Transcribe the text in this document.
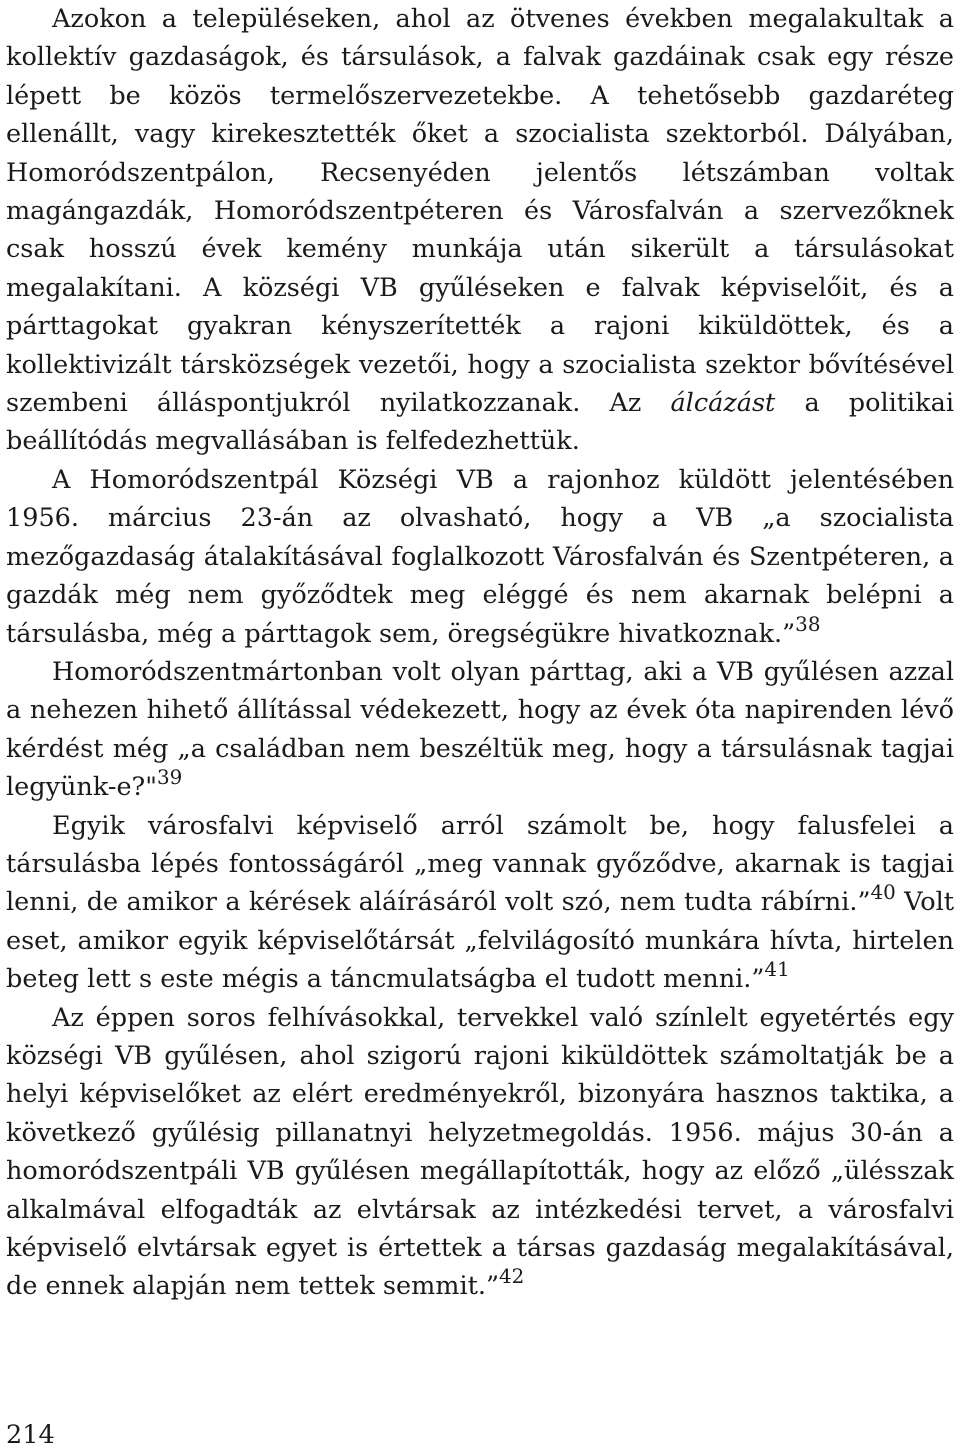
Azokon a településeken, ahol az ötvenes években megalakultak a kollektív gazdaságok, és társulások, a falvak gazdáinak csak egy része lépett be közös termelőszervezetekbe. A tehetősebb gazdaréteg ellenállt, vagy kirekesztették őket a szocialista szektorból. Dályában, Homoródszentpálon, Recsenyéden jelentős létszámban voltak magángazdák, Homoródszentpéteren és Városfalván a szervezőknek csak hosszú évek kemény munkája után sikerült a társulásokat megalakítani. A községi VB gyűléseken e falvak képviselőit, és a párttagokat gyakran kényszerítették a rajoni kiküldöttek, és a kollektivizált társközségek vezetői, hogy a szocialista szektor bővítésével szembeni álláspontjukról nyilatkozzanak. Az álcázást a politikai beállítódás megvallásában is felfedezhettük.

A Homoródszentpál Községi VB a rajonhoz küldött jelentésében 1956. március 23-án az olvasható, hogy a VB „a szocialista mezőgazdaság átalakításával foglalkozott Városfalván és Szentpéteren, a gazdák még nem győződtek meg eléggé és nem akarnak belépni a társulásba, még a párttagok sem, öregségükre hivatkoznak.”$^{38}$

Homoródszentmártonban volt olyan párttag, aki a VB gyűlésen azzal a nehezen hihető állítással védekezett, hogy az évek óta napirenden lévő kérdést még „a családban nem beszéltük meg, hogy a társulásnak tagjai legyünk-e?"$^{39}$

Egyik városfalvi képviselő arról számolt be, hogy falusfelei a társulásba lépés fontosságáról „meg vannak győződve, akarnak is tagjai lenni, de amikor a kérések aláírásáról volt szó, nem tudta rábírni.”$^{40}$ Volt eset, amikor egyik képviselőtársát „felvilágosító munkára hívta, hirtelen beteg lett s este mégis a táncmulatságba el tudott menni.”$^{41}$

Az éppen soros felhívásokkal, tervekkel való színlelt egyetértés egy községi VB gyűlésen, ahol szigorú rajoni kiküldöttek számoltatják be a helyi képviselőket az elért eredményekről, bizonyára hasznos taktika, a következő gyűlésig pillanatnyi helyzetmegoldás. 1956. május 30-án a homoródszentpáli VB gyűlésen megállapították, hogy az előző „ülésszak alkalmával elfogadták az elvtársak az intézkedési tervet, a városfalvi képviselő elvtársak egyet is értettek a társas gazdaság megalakításával, de ennek alapján nem tettek semmit.”$^{42}$

214
